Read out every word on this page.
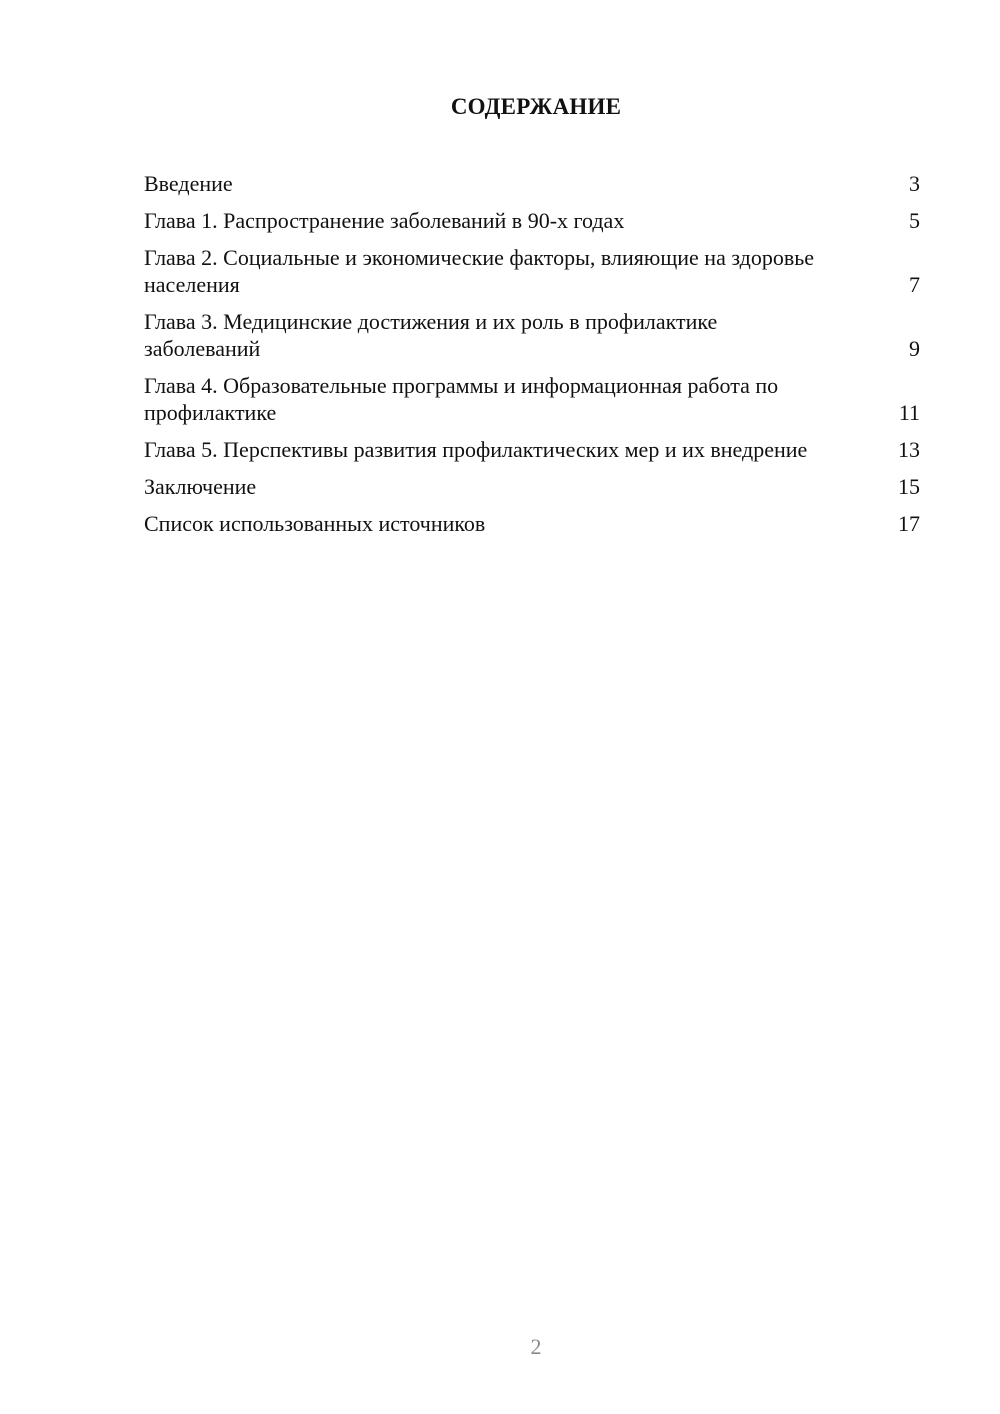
СОДЕРЖАНИЕ
Введение	3
Глава 1. Распространение заболеваний в 90-х годах	5
Глава 2. Социальные и экономические факторы, влияющие на здоровье населения	7
Глава 3. Медицинские достижения и их роль в профилактике заболеваний	9
Глава 4. Образовательные программы и информационная работа по профилактике	11
Глава 5. Перспективы развития профилактических мер и их внедрение	13
Заключение	15
Список использованных источников	17
2
